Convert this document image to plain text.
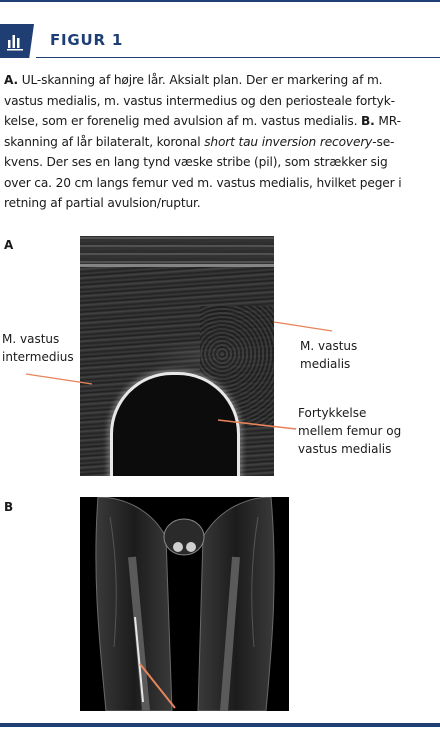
FIGUR 1

A. UL-skanning af højre lår. Aksialt plan. Der er markering af m.

vastus medialis, m. vastus intermedius og den periosteale fortyk-

kelse, som er forenelig med avulsion af m. vastus medialis. B. MR-

skanning af lår bilateralt, koronal short tau inversion recovery-se-

kvens. Der ses en lang tynd væske stribe (pil), som strækker sig

over ca. 20 cm langs femur ved m. vastus medialis, hvilket peger i

retning af partial avulsion/ruptur.

A
M. vastus
intermedius
M. vastus
medialis
Fortykkelse
mellem femur og
vastus medialis
B
